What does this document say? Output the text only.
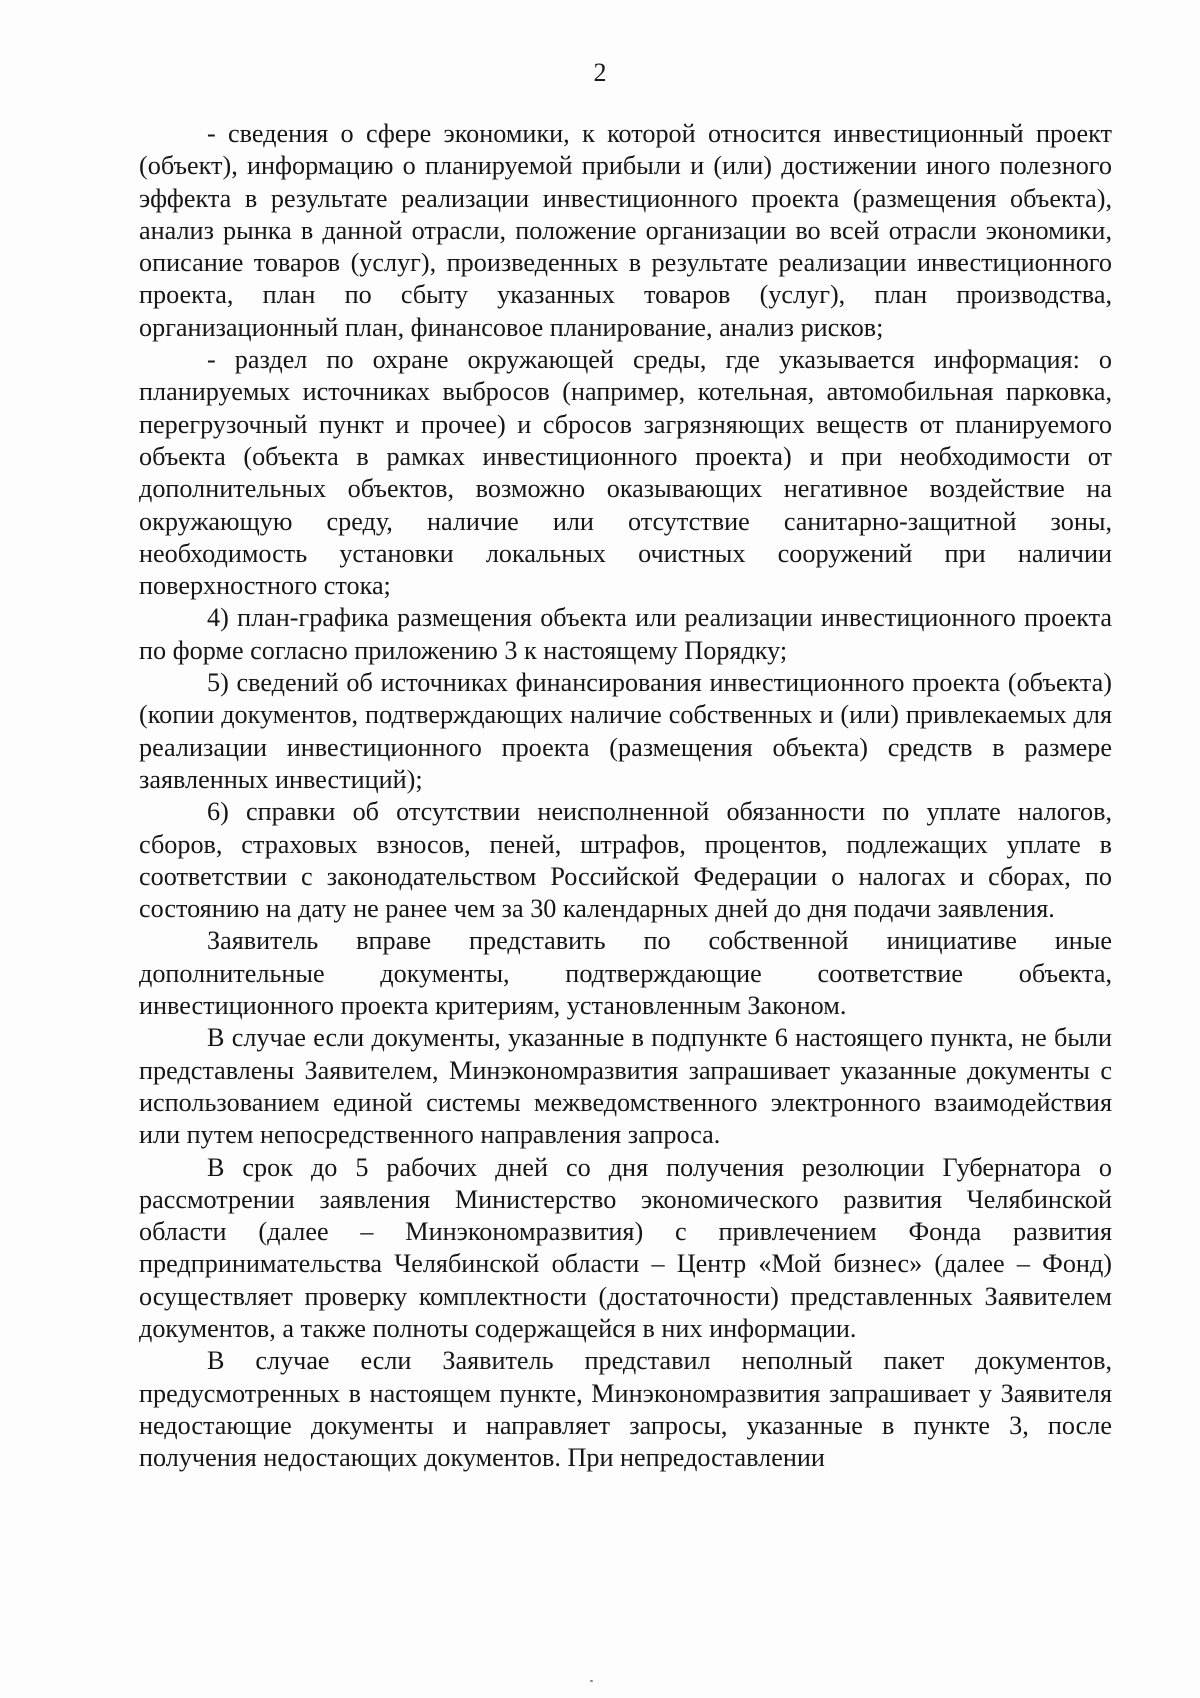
2

- сведения о сфере экономики, к которой относится инвестиционный проект (объект), информацию о планируемой прибыли и (или) достижении иного полезного эффекта в результате реализации инвестиционного проекта (размещения объекта), анализ рынка в данной отрасли, положение организации во всей отрасли экономики, описание товаров (услуг), произведенных в результате реализации инвестиционного проекта, план по сбыту указанных товаров (услуг), план производства, организационный план, финансовое планирование, анализ рисков;

- раздел по охране окружающей среды, где указывается информация: о планируемых источниках выбросов (например, котельная, автомобильная парковка, перегрузочный пункт и прочее) и сбросов загрязняющих веществ от планируемого объекта (объекта в рамках инвестиционного проекта) и при необходимости от дополнительных объектов, возможно оказывающих негативное воздействие на окружающую среду, наличие или отсутствие санитарно-защитной зоны, необходимость установки локальных очистных сооружений при наличии поверхностного стока;

4) план-графика размещения объекта или реализации инвестиционного проекта по форме согласно приложению 3 к настоящему Порядку;

5) сведений об источниках финансирования инвестиционного проекта (объекта) (копии документов, подтверждающих наличие собственных и (или) привлекаемых для реализации инвестиционного проекта (размещения объекта) средств в размере заявленных инвестиций);

6) справки об отсутствии неисполненной обязанности по уплате налогов, сборов, страховых взносов, пеней, штрафов, процентов, подлежащих уплате в соответствии с законодательством Российской Федерации о налогах и сборах, по состоянию на дату не ранее чем за 30 календарных дней до дня подачи заявления.

Заявитель вправе представить по собственной инициативе иные дополнительные документы, подтверждающие соответствие объекта, инвестиционного проекта критериям, установленным Законом.

В случае если документы, указанные в подпункте 6 настоящего пункта, не были представлены Заявителем, Минэкономразвития запрашивает указанные документы с использованием единой системы межведомственного электронного взаимодействия или путем непосредственного направления запроса.

В срок до 5 рабочих дней со дня получения резолюции Губернатора о рассмотрении заявления Министерство экономического развития Челябинской области (далее – Минэкономразвития) с привлечением Фонда развития предпринимательства Челябинской области – Центр «Мой бизнес» (далее – Фонд) осуществляет проверку комплектности (достаточности) представленных Заявителем документов, а также полноты содержащейся в них информации.

В случае если Заявитель представил неполный пакет документов, предусмотренных в настоящем пункте, Минэкономразвития запрашивает у Заявителя недостающие документы и направляет запросы, указанные в пункте 3, после получения недостающих документов. При непредоставлении
